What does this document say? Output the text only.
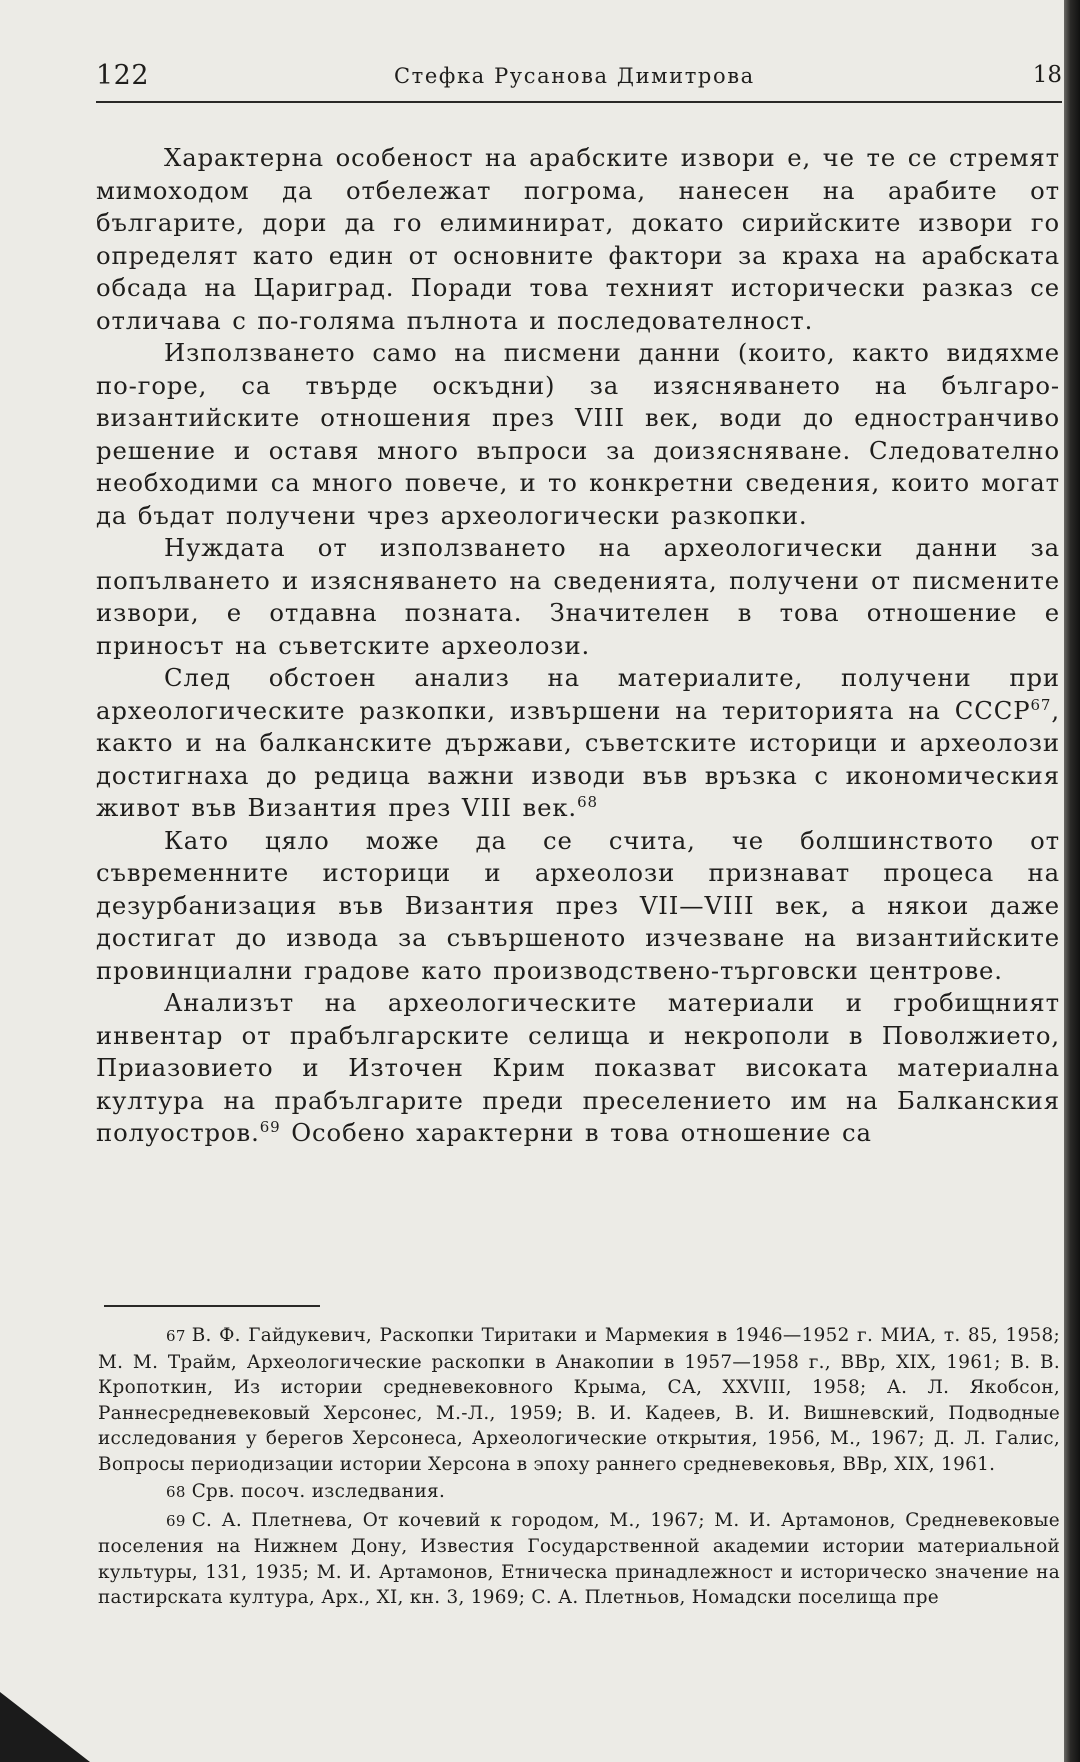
122	Стефка Русанова Димитрова	18

Характерна особеност на арабските извори е, че те се стремят мимоходом да отбележат погрома, нанесен на арабите от българите, дори да го елиминират, докато сирийските извори го определят като един от основните фактори за краха на арабската обсада на Цариград. Поради това техният исторически разказ се отличава с по-голяма пълнота и последователност.

Използването само на писмени данни (които, както видяхме по-горе, са твърде оскъдни) за изясняването на българо-византийските отношения през VIII век, води до едностранчиво решение и оставя много въпроси за доизясняване. Следователно необходими са много повече, и то конкретни сведения, които могат да бъдат получени чрез археологически разкопки.

Нуждата от използването на археологически данни за попълването и изясняването на сведенията, получени от писмените извори, е отдавна позната. Значителен в това отношение е приносът на съветските археолози.

След обстоен анализ на материалите, получени при археологическите разкопки, извършени на територията на СССР$^{67}$, както и на балканските държави, съветските историци и археолози достигнаха до редица важни изводи във връзка с икономическия живот във Византия през VIII век.$^{68}$

Като цяло може да се счита, че болшинството от съвременните историци и археолози признават процеса на дезурбанизация във Византия през VII—VIII век, а някои даже достигат до извода за съвършеното изчезване на византийските провинциални градове като производствено-търговски центрове.

Анализът на археологическите материали и гробищният инвентар от прабългарските селища и некрополи в Поволжието, Приазовието и Източен Крим показват високата материална култура на прабългарите преди преселението им на Балканския полуостров.$^{69}$ Особено характерни в това отношение са

67 В. Ф. Гайдукевич, Раскопки Тиритаки и Мармекия в 1946—1952 г. МИА, т. 85, 1958; М. М. Трайм, Археологические раскопки в Анакопии в 1957—1958 г., ВВр, XIX, 1961; В. В. Кропоткин, Из истории средневековного Крыма, СА, XXVIII, 1958; А. Л. Якобсон, Раннесредневековый Херсонес, М.-Л., 1959; В. И. Кадеев, В. И. Вишневский, Подводные исследования у берегов Херсонеса, Археологические открытия, 1956, М., 1967; Д. Л. Галис, Вопросы периодизации истории Херсона в эпоху раннего средневековья, ВВр, XIX, 1961.

68 Срв. посоч. изследвания.

69 С. А. Плетнева, От кочевий к городом, М., 1967; М. И. Артамонов, Средневековые поселения на Нижнем Дону, Известия Государственной академии истории материальной культуры, 131, 1935; М. И. Артамонов, Етническа принадлежност и историческо значение на пастирската култура, Арх., XI, кн. 3, 1969; С. А. Плетньов, Номадски поселища пре
